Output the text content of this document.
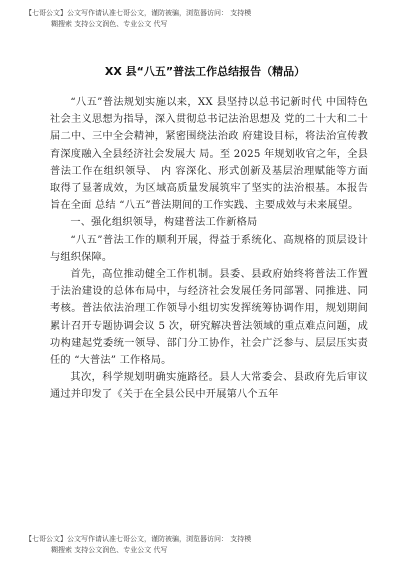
【七哥公文】公文写作请认准七哥公文，谨防被骗，浏览器访问： 支持模
糊搜索 支持公文润色、专业公文 代写
XX 县“八五”普法工作总结报告（精品）

“八五”普法规划实施以来，XX 县坚持以总书记新时代 中国特色社会主义思想为指导，深入贯彻总书记法治思想及 党的二十大和二十届二中、三中全会精神，紧密围绕法治政 府建设目标，将法治宣传教育深度融入全县经济社会发展大 局。至 2025 年规划收官之年，全县普法工作在组织领导、 内 容深化、形式创新及基层治理赋能等方面取得了显著成效，为区域高质量发展筑牢了坚实的法治根基。本报告旨在全面 总结 “八五”普法期间的工作实践、主要成效与未来展望。

一、强化组织领导，构建普法工作新格局

“八五”普法工作的顺利开展，得益于系统化、高规格的顶层设计与组织保障。

首先，高位推动健全工作机制。县委、县政府始终将普法工作置于法治建设的总体布局中，与经济社会发展任务同部署、同推进、同考核。普法依法治理工作领导小组切实发挥统筹协调作用，规划期间累计召开专题协调会议 5 次，研究解决普法领域的重点难点问题，成功构建起党委统一领导、部门分工协作，社会广泛参与、层层压实责任的 “大普法” 工作格局。

其次，科学规划明确实施路径。县人大常委会、县政府先后审议通过并印发了《关于在全县公民中开展第八个五年

【七哥公文】公文写作请认准七哥公文，谨防被骗，浏览器访问： 支持模
糊搜索 支持公文润色、专业公文 代写
